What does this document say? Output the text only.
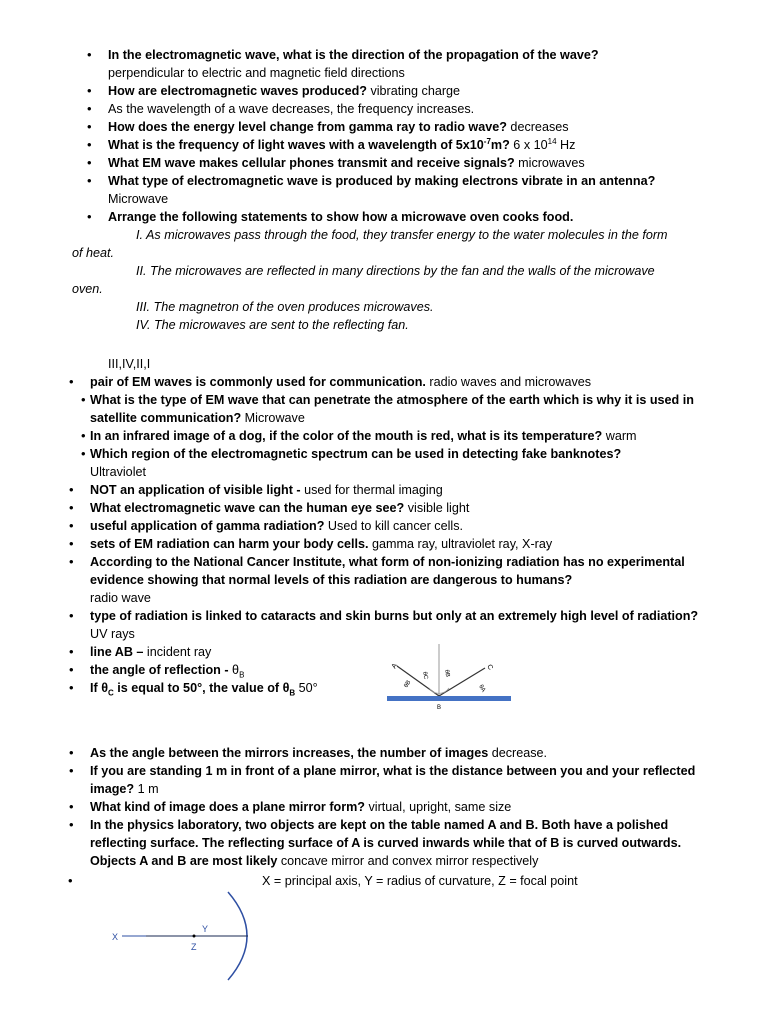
• In the electromagnetic wave, what is the direction of the propagation of the wave?
perpendicular to electric and magnetic field directions
• How are electromagnetic waves produced? vibrating charge
• As the wavelength of a wave decreases, the frequency increases.
• How does the energy level change from gamma ray to radio wave? decreases
• What is the frequency of light waves with a wavelength of $5x10^{-7}m$? 6 x $10^{14}$ Hz
• What EM wave makes cellular phones transmit and receive signals? microwaves
• What type of electromagnetic wave is produced by making electrons vibrate in an antenna?
Microwave
• Arrange the following statements to show how a microwave oven cooks food.
I. As microwaves pass through the food, they transfer energy to the water molecules in the form
of heat.
II. The microwaves are reflected in many directions by the fan and the walls of the microwave
oven.
III. The magnetron of the oven produces microwaves.
IV. The microwaves are sent to the reflecting fan.
III,IV,II,I
• pair of EM waves is commonly used for communication. radio waves and microwaves
• What is the type of EM wave that can penetrate the atmosphere of the earth which is why it is used in satellite communication? Microwave
• In an infrared image of a dog, if the color of the mouth is red, what is its temperature? warm
• Which region of the electromagnetic spectrum can be used in detecting fake banknotes?
Ultraviolet
• NOT an application of visible light - used for thermal imaging
• What electromagnetic wave can the human eye see? visible light
• useful application of gamma radiation? Used to kill cancer cells.
• sets of EM radiation can harm your body cells. gamma ray, ultraviolet ray, X-ray
• According to the National Cancer Institute, what form of non-ionizing radiation has no experimental evidence showing that normal levels of this radiation are dangerous to humans?
radio wave
• type of radiation is linked to cataracts and skin burns but only at an extremely high level of radiation? UV rays
• line AB – incident ray
• the angle of reflection - $\theta_B$
• If $\theta_C$ is equal to 50°, the value of $\theta_B$ 50°
A	C
B
θC θB
θB	θA
• As the angle between the mirrors increases, the number of images decrease.
• If you are standing 1 m in front of a plane mirror, what is the distance between you and your reflected image? 1 m
• What kind of image does a plane mirror form? virtual, upright, same size
• In the physics laboratory, two objects are kept on the table named A and B. Both have a polished reflecting surface. The reflecting surface of A is curved inwards while that of B is curved outwards. Objects A and B are most likely concave mirror and convex mirror respectively
•	X = principal axis, Y = radius of curvature, Z = focal point
X
Y
Z
